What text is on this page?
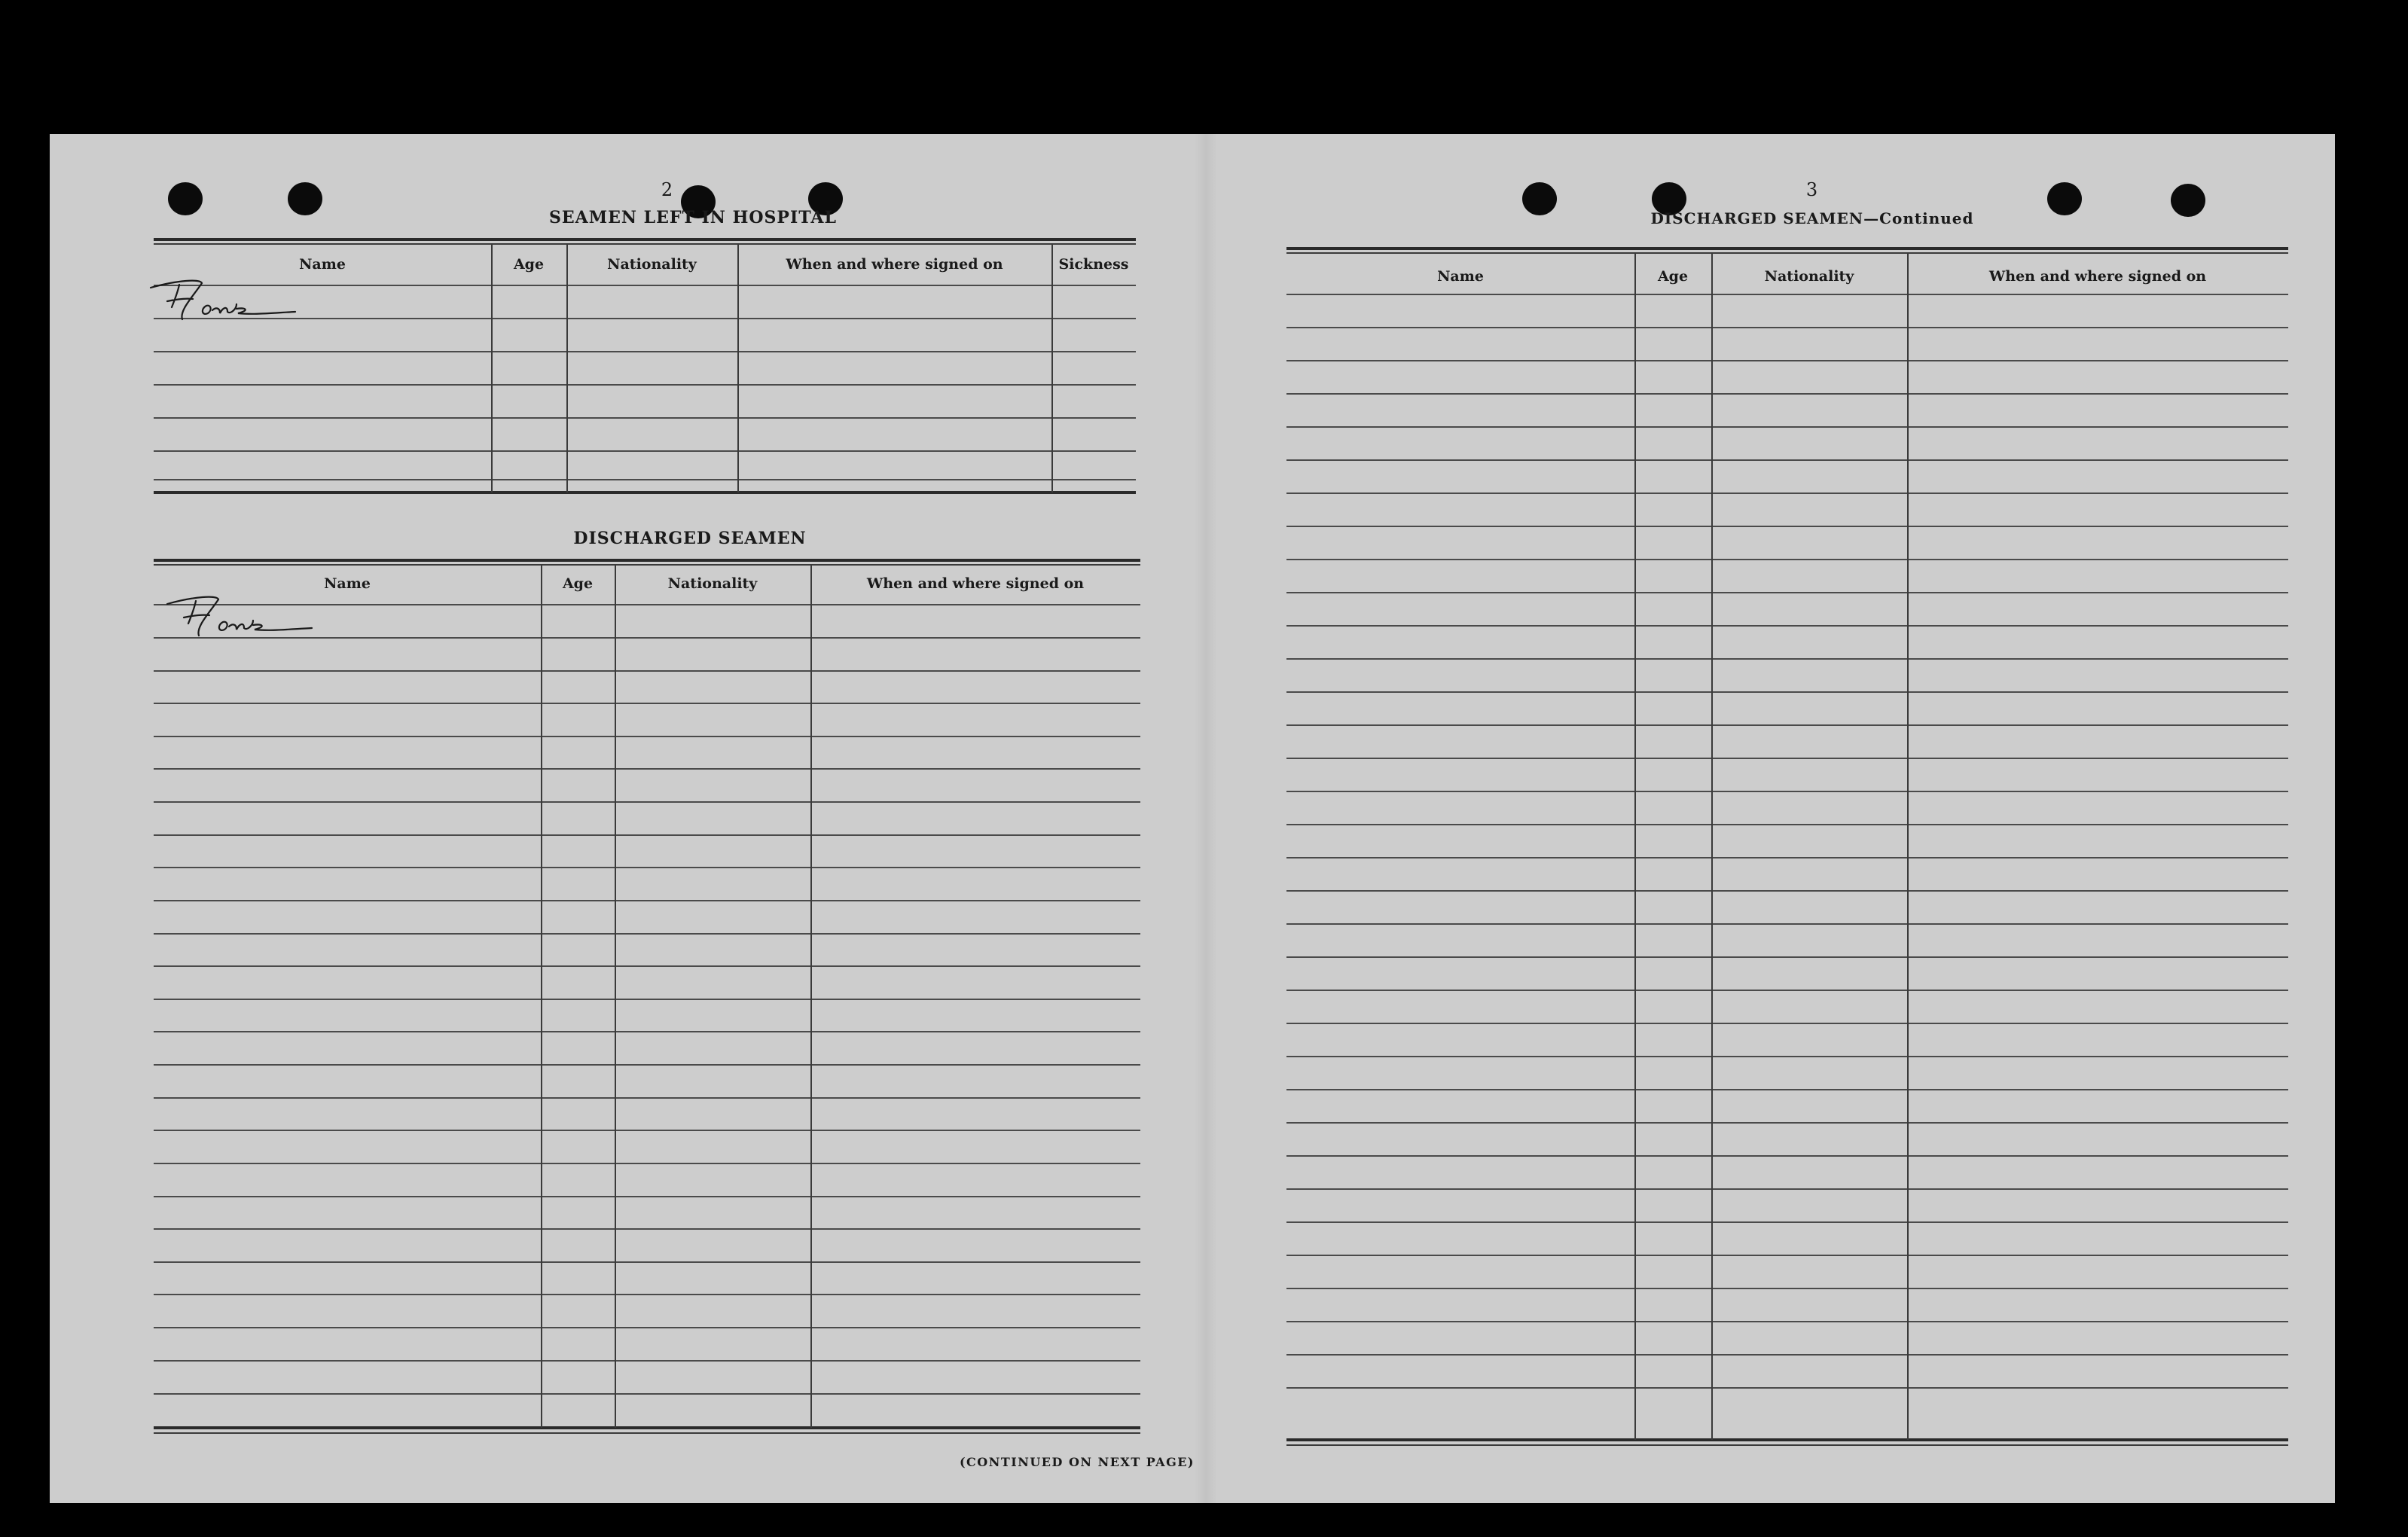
2
SEAMEN LEFT IN HOSPITAL
Name	Age	Nationality	When and where signed on	Sickness
DISCHARGED SEAMEN
Name	Age	Nationality	When and where signed on
(CONTINUED ON NEXT PAGE)
3
DISCHARGED SEAMEN—Continued
Name	Age	Nationality	When and where signed on
